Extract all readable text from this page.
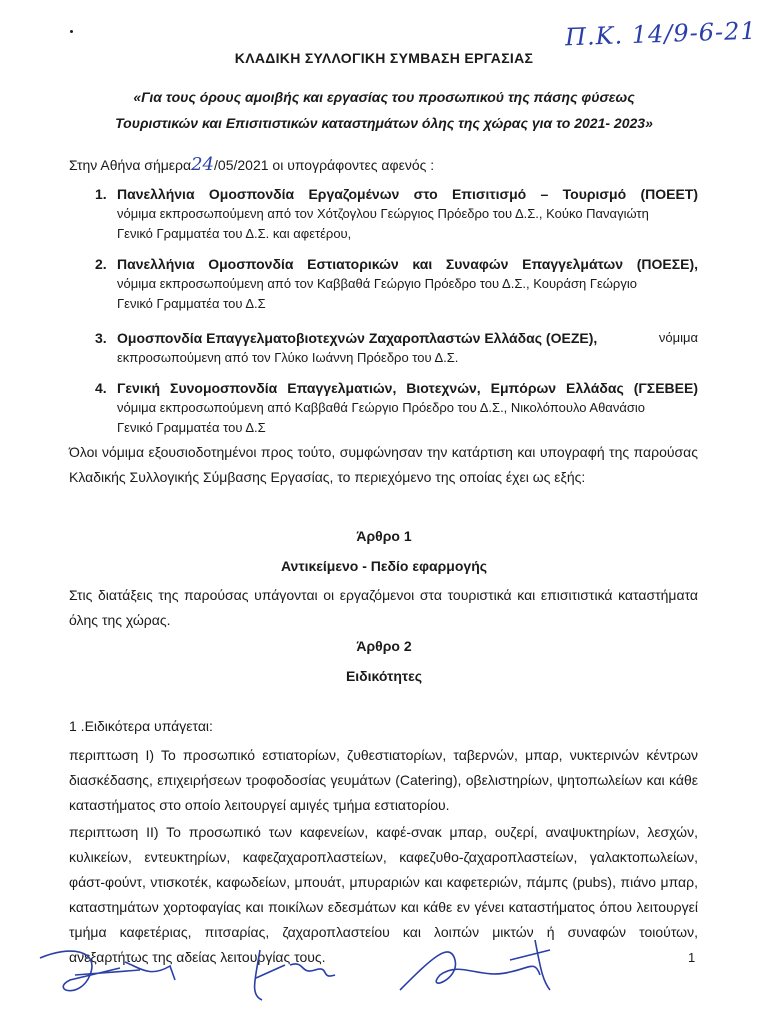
Π.Κ. 14/9-6-21
ΚΛΑΔΙΚΗ ΣΥΛΛΟΓΙΚΗ ΣΥΜΒΑΣΗ ΕΡΓΑΣΙΑΣ
«Για τους όρους αμοιβής και εργασίας του προσωπικού της πάσης φύσεως
Τουριστικών και Επισιτιστικών καταστημάτων όλης της χώρας για το 2021- 2023»
Στην Αθήνα σήμερα24/05/2021 οι υπογράφοντες αφενός :
1. Πανελλήνια Ομοσπονδία Εργαζομένων στο Επισιτισμό – Τουρισμό (ΠΟΕΕΤ)
νόμιμα εκπροσωπούμενη από τον Χότζογλου Γεώργιος Πρόεδρο του Δ.Σ., Κούκο Παναγιώτη
Γενικό Γραμματέα του Δ.Σ. και αφετέρου,
2. Πανελλήνια Ομοσπονδία Εστιατορικών και Συναφών Επαγγελμάτων (ΠΟΕΣΕ),
νόμιμα εκπροσωπούμενη από τον Καββαθά Γεώργιο Πρόεδρο του Δ.Σ., Κουράση Γεώργιο
Γενικό Γραμματέα του Δ.Σ
3. Ομοσπονδία Επαγγελματοβιοτεχνών Ζαχαροπλαστών Ελλάδας (ΟΕΖΕ),	νόμιμα
εκπροσωπούμενη από τον Γλύκο Ιωάννη Πρόεδρο του Δ.Σ.
4. Γενική Συνομοσπονδία Επαγγελματιών, Βιοτεχνών, Εμπόρων Ελλάδας (ΓΣΕΒΕΕ)
νόμιμα εκπροσωπούμενη από Καββαθά Γεώργιο Πρόεδρο του Δ.Σ., Νικολόπουλο Αθανάσιο
Γενικό Γραμματέα του Δ.Σ
Όλοι νόμιμα εξουσιοδοτημένοι προς τούτο, συμφώνησαν την κατάρτιση και υπογραφή της παρούσας Κλαδικής Συλλογικής Σύμβασης Εργασίας, το περιεχόμενο της οποίας έχει ως εξής:
Άρθρο 1
Αντικείμενο - Πεδίο εφαρμογής
Στις διατάξεις της παρούσας υπάγονται οι εργαζόμενοι στα τουριστικά και επισιτιστικά καταστήματα όλης της χώρας.
Άρθρο 2
Ειδικότητες
1 .Ειδικότερα υπάγεται:
περιπτωση Ι) Το προσωπικό εστιατορίων, ζυθεστιατορίων, ταβερνών, μπαρ, νυκτερινών κέντρων διασκέδασης, επιχειρήσεων τροφοδοσίας γευμάτων (Catering), οβελιστηρίων, ψητοπωλείων και κάθε καταστήματος στο οποίο λειτουργεί αμιγές τμήμα εστιατορίου.
περιπτωση ΙΙ) Το προσωπικό των καφενείων, καφέ-σνακ μπαρ, ουζερί, αναψυκτηρίων, λεσχών, κυλικείων, εντευκτηρίων, καφεζαχαροπλαστείων, καφεζυθο-ζαχαροπλαστείων, γαλακτοπωλείων, φάστ-φούντ, ντισκοτέκ, καφωδείων, μπουάτ, μπυραριών και καφετεριών, πάμπς (pubs), πιάνο μπαρ, καταστημάτων χορτοφαγίας και ποικίλων εδεσμάτων και κάθε εν γένει καταστήματος όπου λειτουργεί τμήμα καφετέριας, πιτσαρίας, ζαχαροπλαστείου και λοιπών μικτών ή συναφών τοιούτων, ανεξαρτήτως της αδείας λειτουργίας τους.	1
